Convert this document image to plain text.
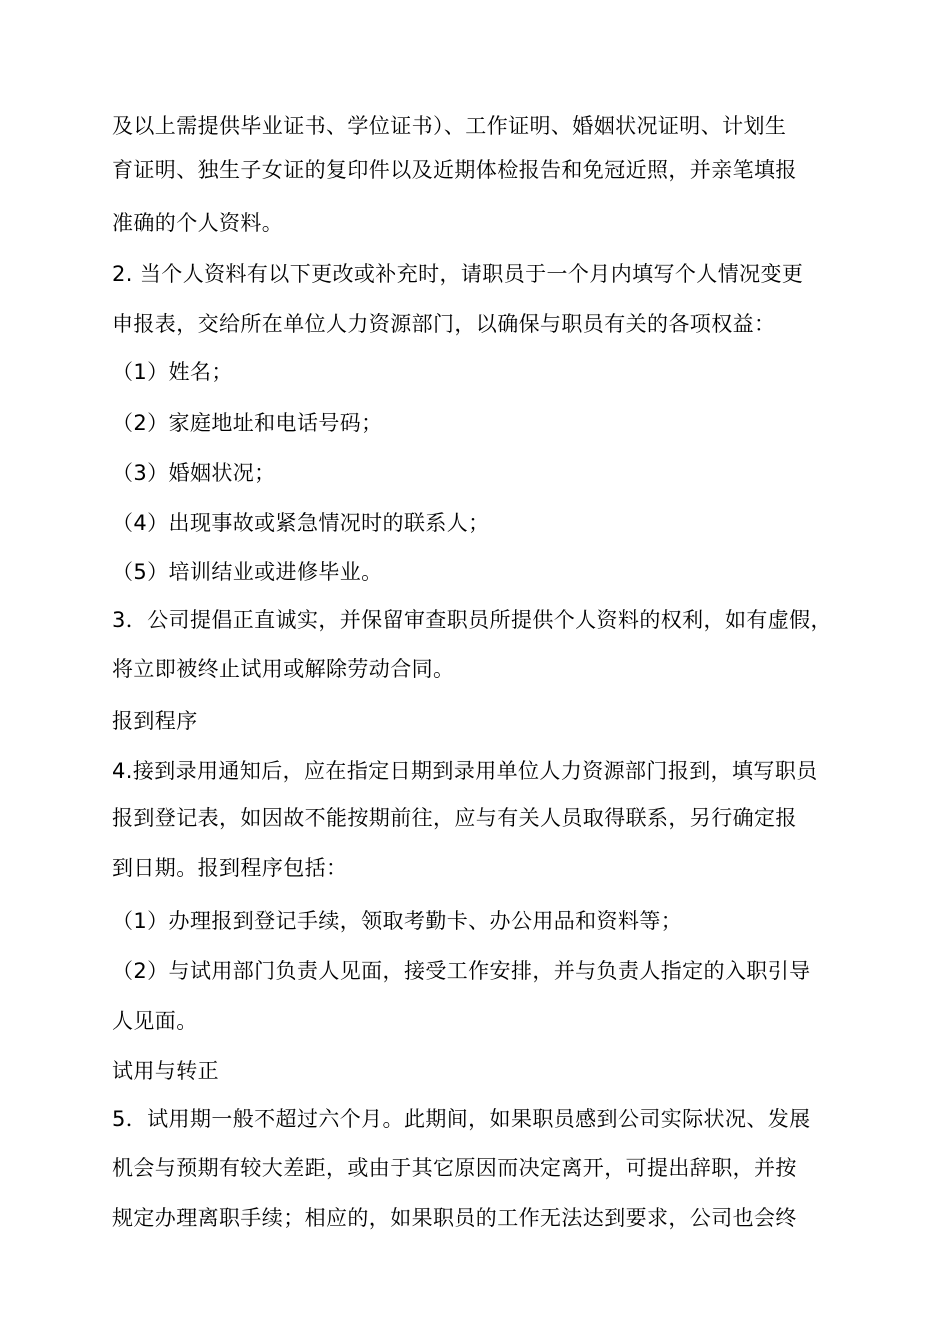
及以上需提供毕业证书、学位证书）、工作证明、婚姻状况证明、计划生
育证明、独生子女证的复印件以及近期体检报告和免冠近照，并亲笔填报
准确的个人资料。
2. 当个人资料有以下更改或补充时，请职员于一个月内填写个人情况变更
申报表，交给所在单位人力资源部门，以确保与职员有关的各项权益：
（1）姓名；
（2）家庭地址和电话号码；
（3）婚姻状况；
（4）出现事故或紧急情况时的联系人；
（5）培训结业或进修毕业。
3．公司提倡正直诚实，并保留审查职员所提供个人资料的权利，如有虚假，
将立即被终止试用或解除劳动合同。
报到程序
4.接到录用通知后，应在指定日期到录用单位人力资源部门报到，填写职员
报到登记表，如因故不能按期前往，应与有关人员取得联系，另行确定报
到日期。报到程序包括：
（1）办理报到登记手续，领取考勤卡、办公用品和资料等；
（2）与试用部门负责人见面，接受工作安排，并与负责人指定的入职引导
人见面。
试用与转正
5．试用期一般不超过六个月。此期间，如果职员感到公司实际状况、发展
机会与预期有较大差距，或由于其它原因而决定离开，可提出辞职，并按
规定办理离职手续；相应的，如果职员的工作无法达到要求，公司也会终
